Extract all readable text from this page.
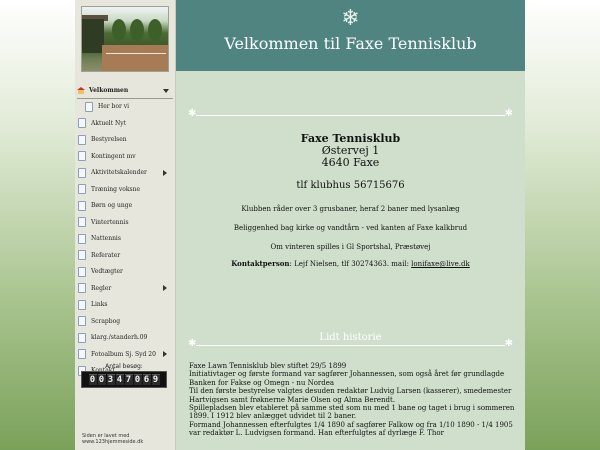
Velkommen
Her bor vi
Aktuelt Nyt
Bestyrelsen
Kontingent mv
Aktivitetskalender
Træning voksne
Børn og unge
Vintertennis
Nattennis
Referater
Vedtægter
Regler
Links
Scrapbog
klarg./standerh.09
Fotoalbum Sj. Syd 20
Antal besøg:
0 0 3 4 7 0 6 9
Siden er lavet med
www.123hjemmeside.dk
❄
Velkommen til Faxe Tennisklub
✱	✱
Faxe Tennisklub
Østervej 1
4640 Faxe
tlf klubhus 56715676
Klubben råder over 3 grusbaner, heraf 2 baner med lysanlæg
Beliggenhed bag kirke og vandtårn - ved kanten af Faxe kalkbrud
Om vinteren spilles i Gl Sportshal, Præstøvej
Kontaktperson: Lejf Nielsen, tlf 30274363. mail: lonifaxe@live.dk
✱	✱
Lidt historie
Faxe Lawn Tennisklub blev stiftet 29/5 1899
Initiativtager og første formand var sagfører Johannessen, som også året før grundlagde Banken for Fakse og Omegn - nu Nordea
Til den første bestyrelse valgtes desuden redaktør Ludvig Larsen (kasserer), smedemester Hartvigsen samt frøknerne Marie Olsen og Alma Berendt.
Spillepladsen blev etableret på samme sted som nu med 1 bane og taget i brug i sommeren 1899. I 1912 blev anlægget udvidet til 2 baner.
Formand Johannessen efterfulgtes 1/4 1890 af sagfører Falkow og fra 1/10 1890 - 1/4 1905 var redaktør L. Ludvigsen formand. Han efterfulgtes af dyrlæge F. Thor
